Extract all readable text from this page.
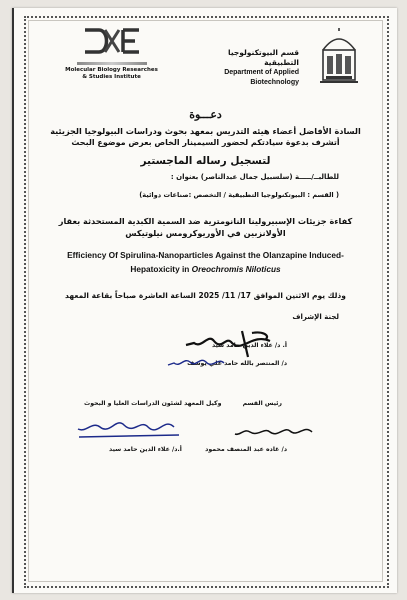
Molecular Biology Researches
& Studies Institute
قسم البيوتكنولوجيا التطبيقية
Department of Applied Biotechnology
دعـــوة
السادة الأفاضل أعضاء هيئه التدريس بمعهد بحوث ودراسات البيولوجيا الجزيئية
أتشرف بدعوة سيادتكم لحضور السيمينار الخاص بعرض موضوع البحث
لتسجيل رساله الماجستير
للطالبــ/ـــــة (سلسبيل جمال عبدالناصر) بعنوان :
( القسم : البيوتكنولوجيا التطبيقية / التخصص :صناعات دوائية)
كفاءة جزيئات الإسبيرولينا النانومترية ضد السمية الكبدية المستحدثة بعقار
الأولانزبين في الأوريوكرومس نيلوتيكس
Efficiency Of Spirulina-Nanoparticles Against the Olanzapine Induced-
Hepatoxicity in Oreochromis Niloticus
وذلك يوم الاثنين الموافق 17/ 11/ 2025 الساعة العاشرة صباحاً بقاعة المعهد
لجنة الإشراف
أ. د/ علاء الدين حامد سيد
د/ المنتصر بالله حامد علي يوسف
وكيل المعهد لشئون الدراسات العليا و البحوث
أ.د/ علاء الدين حامد سيد
رئيس القسم
د/ غاده عبد المنصف محمود
